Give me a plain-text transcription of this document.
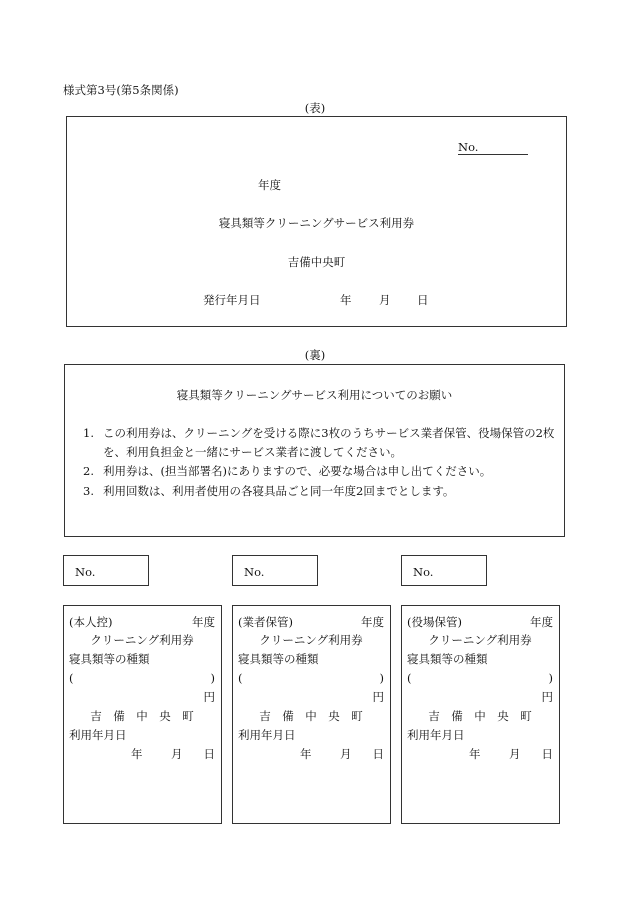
様式第3号(第5条関係)
(表)
No.
年度
寝具類等クリーニングサービス利用券
吉備中央町
発行年月日	年 月 日
(裏)
寝具類等クリーニングサービス利用についてのお願い
1. この利用券は、クリーニングを受ける際に3枚のうちサービス業者保管、役場保管の2枚を、利用負担金と一緒にサービス業者に渡してください。
2. 利用券は、(担当部署名)にありますので、必要な場合は申し出てください。
3. 利用回数は、利用者使用の各寝具品ごと同一年度2回までとします。
No.	No.	No.
(本人控)	年度
クリーニング利用券
寝具類等の種類
(	)
円
吉　備　中　央　町
利用年月日
年 月 日
(業者保管)	年度
クリーニング利用券
寝具類等の種類
(	)
円
吉　備　中　央　町
利用年月日
年 月 日
(役場保管)	年度
クリーニング利用券
寝具類等の種類
(	)
円
吉　備　中　央　町
利用年月日
年 月 日
